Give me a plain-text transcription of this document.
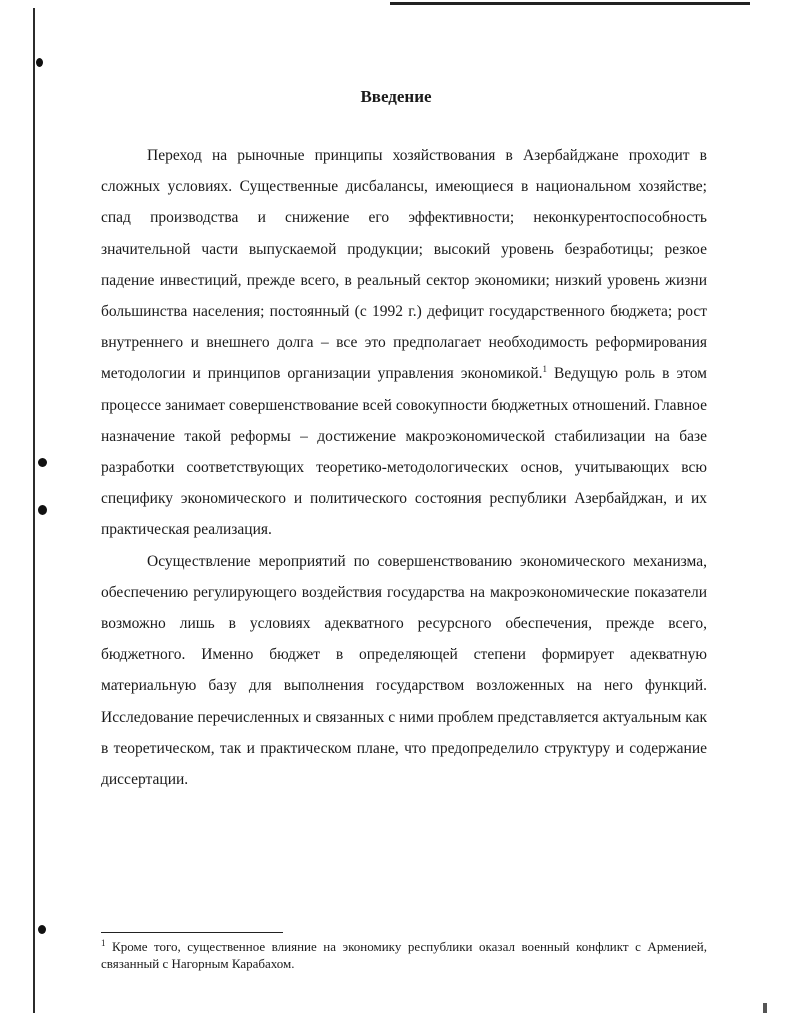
Введение

Переход на рыночные принципы хозяйствования в Азербайджане проходит в сложных условиях. Существенные дисбалансы, имеющиеся в национальном хозяйстве; спад производства и снижение его эффективности; неконкурентоспособность значительной части выпускаемой продукции; высокий уровень безработицы; резкое падение инвестиций, прежде всего, в реальный сектор экономики; низкий уровень жизни большинства населения; постоянный (с 1992 г.) дефицит государственного бюджета; рост внутреннего и внешнего долга – все это предполагает необходимость реформирования методологии и принципов организации управления экономикой.$^1$ Ведущую роль в этом процессе занимает совершенствование всей совокупности бюджетных отношений. Главное назначение такой реформы – достижение макроэкономической стабилизации на базе разработки соответствующих теоретико-методологических основ, учитывающих всю специфику экономического и политического состояния республики Азербайджан, и их практическая реализация.

Осуществление мероприятий по совершенствованию экономического механизма, обеспечению регулирующего воздействия государства на макроэкономические показатели возможно лишь в условиях адекватного ресурсного обеспечения, прежде всего, бюджетного. Именно бюджет в определяющей степени формирует адекватную материальную базу для выполнения государством возложенных на него функций. Исследование перечисленных и связанных с ними проблем представляется актуальным как в теоретическом, так и практическом плане, что предопределило структуру и содержание диссертации.

$^1$ Кроме того, существенное влияние на экономику республики оказал военный конфликт с Арменией, связанный с Нагорным Карабахом.
